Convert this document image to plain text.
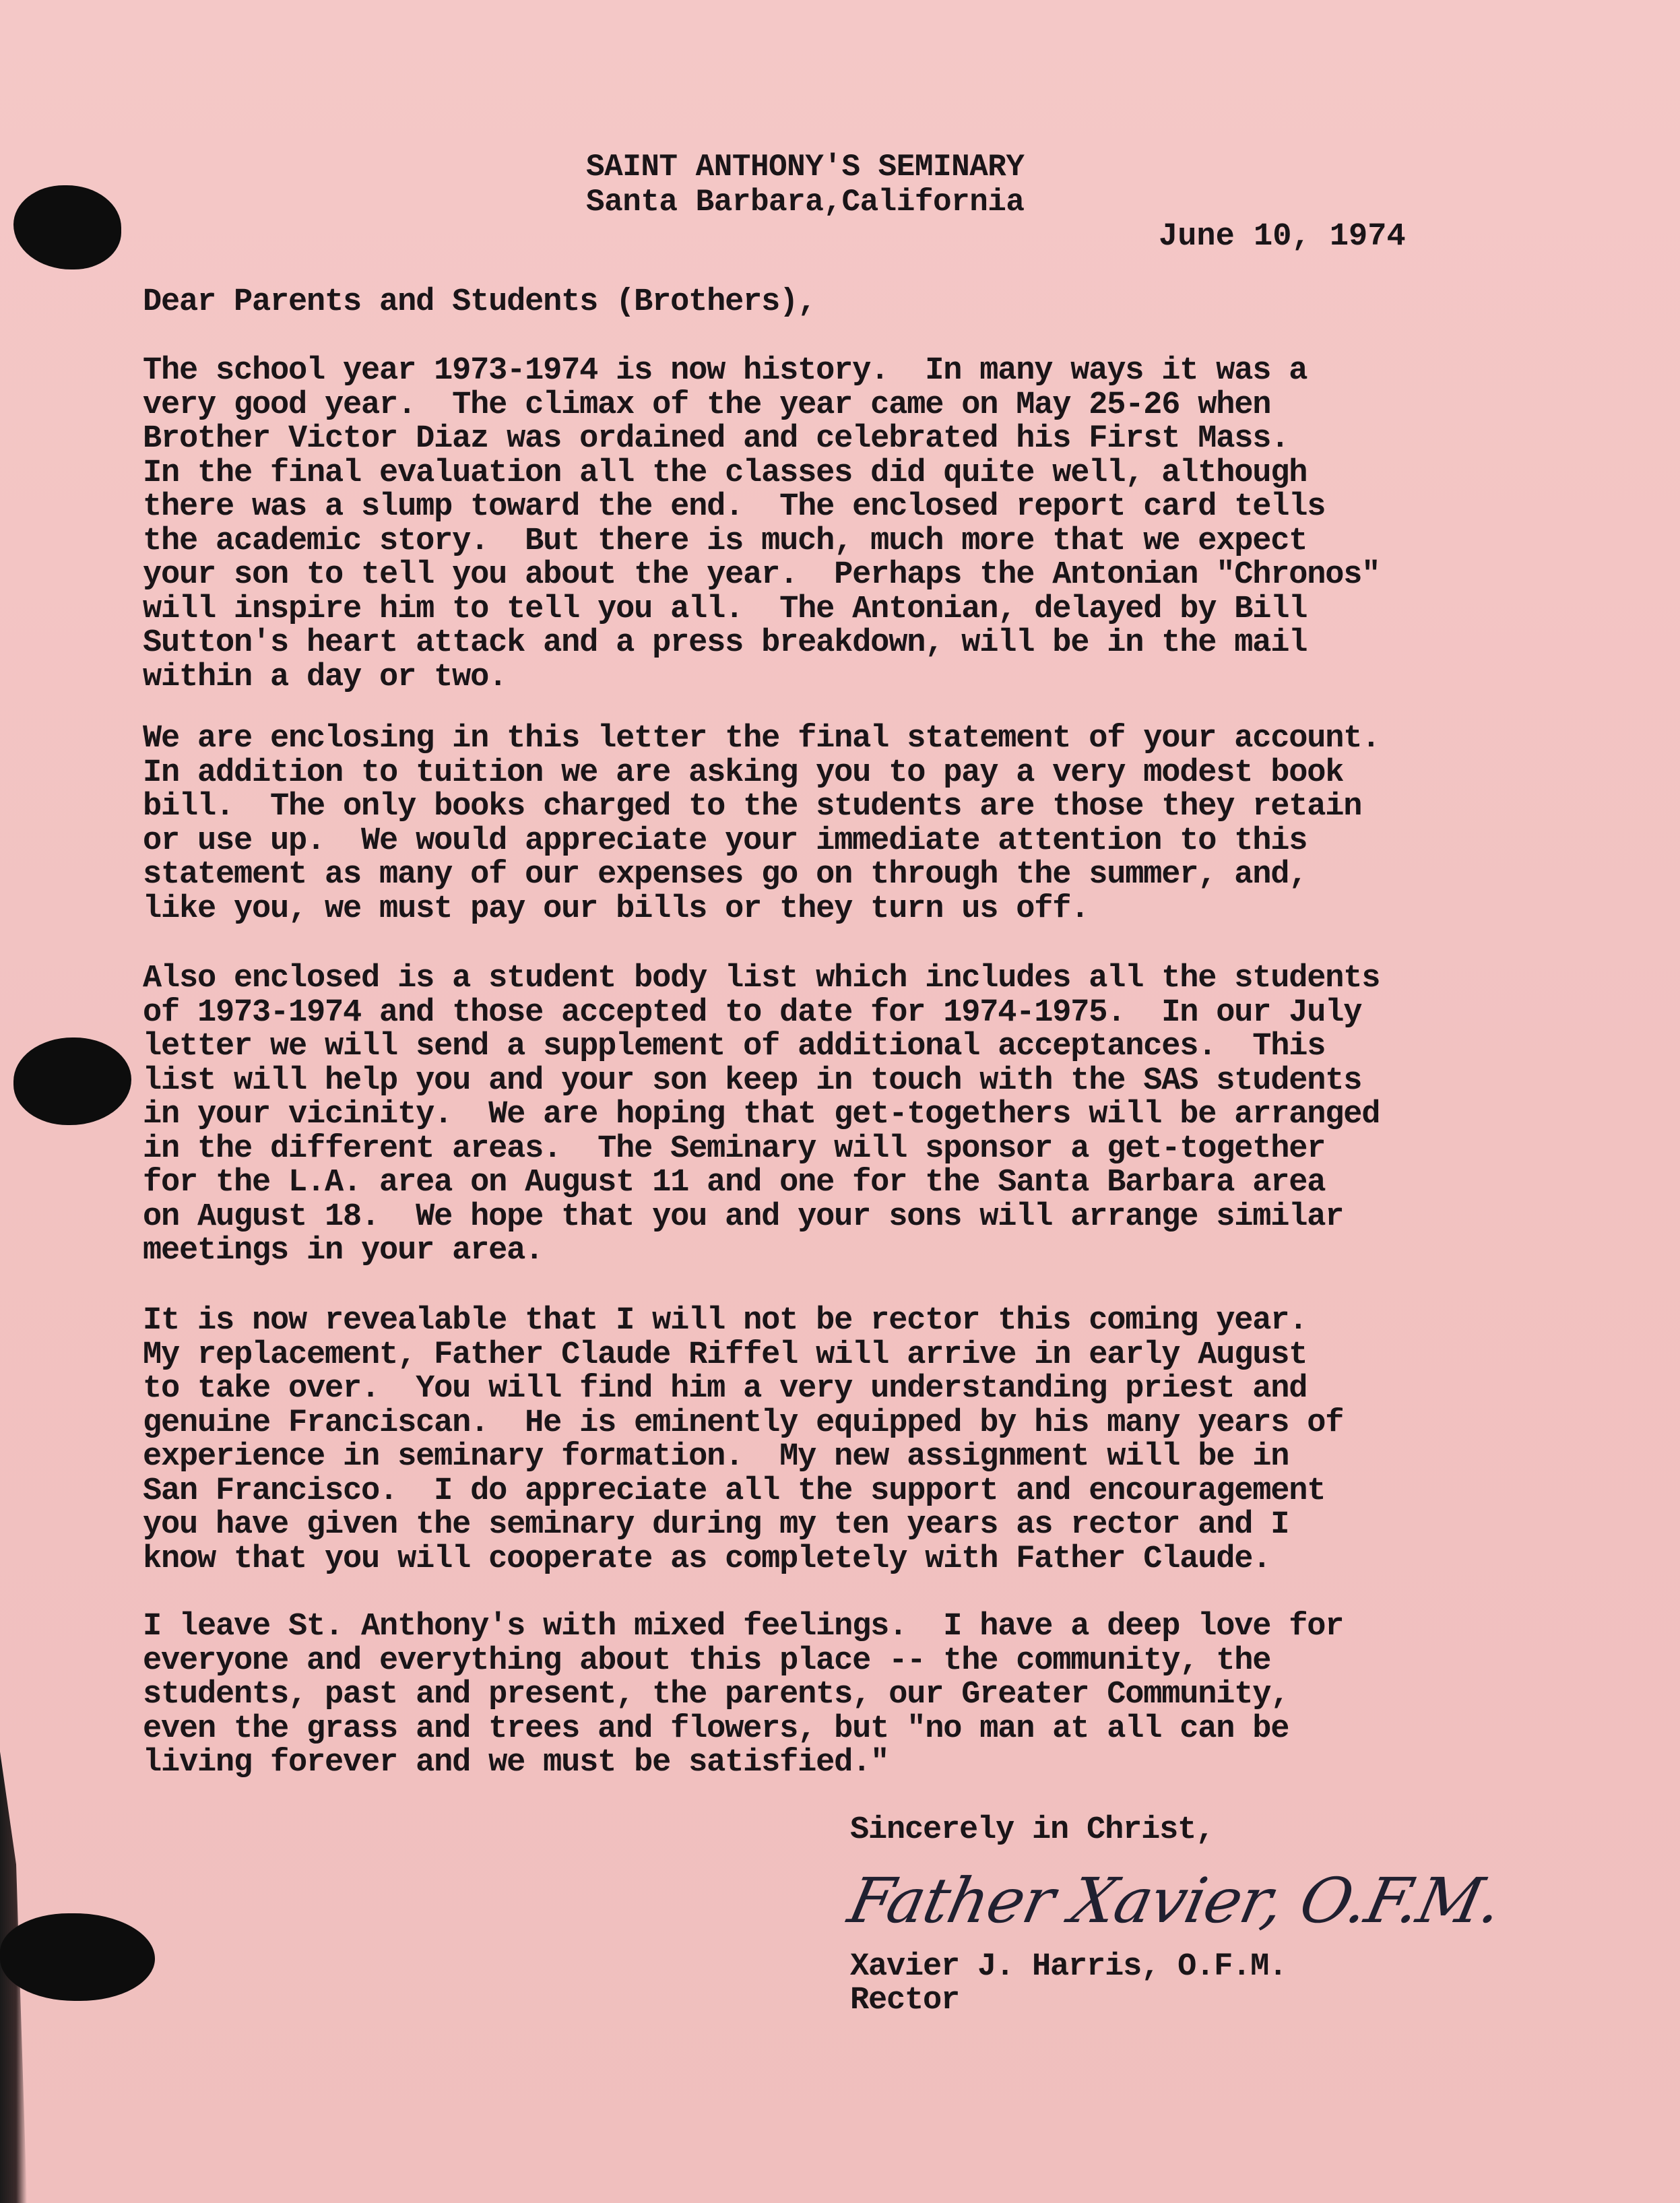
SAINT ANTHONY'S SEMINARY
Santa Barbara,California
June 10, 1974
Dear Parents and Students (Brothers),
The school year 1973-1974 is now history.  In many ways it was a
very good year.  The climax of the year came on May 25-26 when
Brother Victor Diaz was ordained and celebrated his First Mass.
In the final evaluation all the classes did quite well, although
there was a slump toward the end.  The enclosed report card tells
the academic story.  But there is much, much more that we expect
your son to tell you about the year.  Perhaps the Antonian "Chronos"
will inspire him to tell you all.  The Antonian, delayed by Bill
Sutton's heart attack and a press breakdown, will be in the mail
within a day or two.
We are enclosing in this letter the final statement of your account.
In addition to tuition we are asking you to pay a very modest book
bill.  The only books charged to the students are those they retain
or use up.  We would appreciate your immediate attention to this
statement as many of our expenses go on through the summer, and,
like you, we must pay our bills or they turn us off.
Also enclosed is a student body list which includes all the students
of 1973-1974 and those accepted to date for 1974-1975.  In our July
letter we will send a supplement of additional acceptances.  This
list will help you and your son keep in touch with the SAS students
in your vicinity.  We are hoping that get-togethers will be arranged
in the different areas.  The Seminary will sponsor a get-together
for the L.A. area on August 11 and one for the Santa Barbara area
on August 18.  We hope that you and your sons will arrange similar
meetings in your area.
It is now revealable that I will not be rector this coming year.
My replacement, Father Claude Riffel will arrive in early August
to take over.  You will find him a very understanding priest and
genuine Franciscan.  He is eminently equipped by his many years of
experience in seminary formation.  My new assignment will be in
San Francisco.  I do appreciate all the support and encouragement
you have given the seminary during my ten years as rector and I
know that you will cooperate as completely with Father Claude.
I leave St. Anthony's with mixed feelings.  I have a deep love for
everyone and everything about this place -- the community, the
students, past and present, the parents, our Greater Community,
even the grass and trees and flowers, but "no man at all can be
living forever and we must be satisfied."
Sincerely in Christ,
Father Xavier, O.F.M.
Xavier J. Harris, O.F.M.
Rector
